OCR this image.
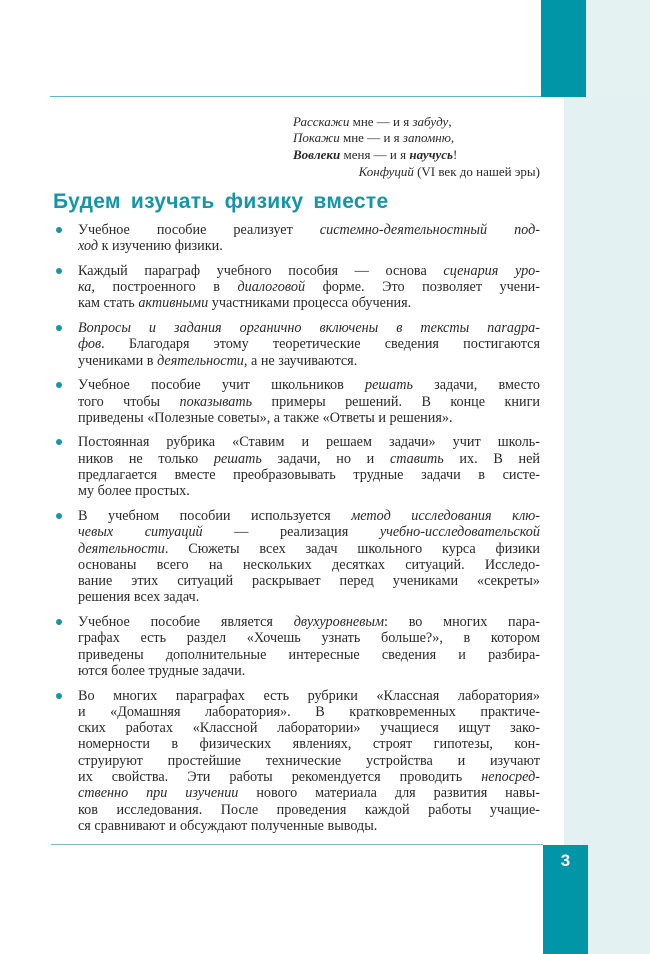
Расскажи мне — и я забуду,
Покажи мне — и я запомню,
Вовлеки меня — и я научусь!
Конфуций (VI век до нашей эры)
Будем изучать физику вместе
Учебное пособие реализует системно-деятельностный под-
ход к изучению физики.
Каждый параграф учебного пособия — основа сценария уро-
ка, построенного в диалоговой форме. Это позволяет учени-
кам стать активными участниками процесса обучения.
Вопросы и задания органично включены в тексты паragра-
фов. Благодаря этому теоретические сведения постигаются
учениками в деятельности, а не заучиваются.
Учебное пособие учит школьников решать задачи, вместо
того чтобы показывать примеры решений. В конце книги
приведены «Полезные советы», а также «Ответы и решения».
Постоянная рубрика «Ставим и решаем задачи» учит школь-
ников не только решать задачи, но и ставить их. В ней
предлагается вместе преобразовывать трудные задачи в систе-
му более простых.
В учебном пособии используется метод исследования клю-
чевых ситуаций — реализация учебно-исследовательской
деятельности. Сюжеты всех задач школьного курса физики
основаны всего на нескольких десятках ситуаций. Исследо-
вание этих ситуаций раскрывает перед учениками «секреты»
решения всех задач.
Учебное пособие является двухуровневым: во многих пара-
графах есть раздел «Хочешь узнать больше?», в котором
приведены дополнительные интересные сведения и разбира-
ются более трудные задачи.
Во многих параграфах есть рубрики «Классная лаборатория»
и «Домашняя лаборатория». В кратковременных практиче-
ских работах «Классной лаборатории» учащиеся ищут зако-
номерности в физических явлениях, строят гипотезы, кон-
струируют простейшие технические устройства и изучают
их свойства. Эти работы рекомендуется проводить непосред-
ственно при изучении нового материала для развития навы-
ков исследования. После проведения каждой работы учащие-
ся сравнивают и обсуждают полученные выводы.
3
